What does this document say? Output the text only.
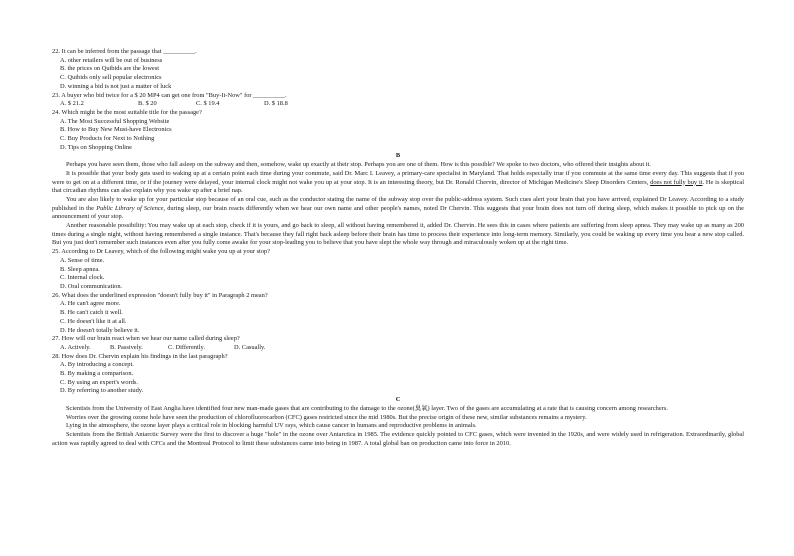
22. It can be inferred from the passage that __________.

A. other retailers will be out of business

B. the prices on Quibids are the lowest

C. Quibids only sell popular electronics

D. winning a bid is not just a matter of luck

23. A buyer who bid twice for a $ 20 MP4 can get one from "Buy-It-Now" for __________.

A. $ 21.2	B. $ 20	C. $ 19.4	D. $ 18.8

24. Which might be the most suitable title for the passage?

A. The Most Successful Shopping Website

B. How to Buy New Must-have Electronics

C. Buy Products for Next to Nothing

D. Tips on Shopping Online

B

Perhaps you have seen them, those who fall asleep on the subway and then, somehow, wake up exactly at their stop. Perhaps you are one of them. How is this possible? We spoke to two doctors, who offered their insights about it.

It is possible that your body gets used to waking up at a certain point each time during your commute, said Dr. Marc I. Leavey, a primary-care specialist in Maryland. That holds especially true if you commute at the same time every day. This suggests that if you were to get on at a different time, or if the journey were delayed, your internal clock might not wake you up at your stop. It is an interesting theory, but Dr. Ronald Chervin, director of Michigan Medicine's Sleep Disorders Centers, does not fully buy it. He is skeptical that circadian rhythms can also explain why you wake up after a brief nap.

You are also likely to wake up for your particular stop because of an oral cue, such as the conductor stating the name of the subway stop over the public-address system. Such cues alert your brain that you have arrived, explained Dr Leavey. According to a study published in the Public Library of Science, during sleep, our brain reacts differently when we hear our own name and other people's names, noted Dr Chervin. This suggests that your brain does not turn off during sleep, which makes it possible to pick up on the announcement of your stop.

Another reasonable possibility: You may wake up at each stop, check if it is yours, and go back to sleep, all without having remembered it, added Dr. Chervin. He sees this in cases where patients are suffering from sleep apnea. They may wake up as many as 200 times during a single night, without having remembered a single instance. That's because they fall right back asleep before their brain has time to process their experience into long-term memory. Similarly, you could be waking up every time you hear a new stop called. But you just don't remember such instances even after you fully come awake for your stop-leading you to believe that you have slept the whole way through and miraculously woken up at the right time.

25. According to Dr Leavey, which of the following might wake you up at your stop?

A. Sense of time.

B. Sleep apnea.

C. Internal clock.

D. Oral communication.

26. What does the underlined expression "doesn't fully buy it" in Paragraph 2 mean?

A. He can't agree more.

B. He can't catch it well.

C. He doesn't like it at all.

D. He doesn't totally believe it.

27. How will our brain react when we hear our name called during sleep?

A. Actively.	B. Passively.	C. Differently.	D. Casually.

28. How does Dr. Chervin explain his findings in the last paragraph?

A. By introducing a concept.

B. By making a comparison.

C. By using an expert's words.

D. By referring to another study.

C

Scientists from the University of East Anglia have identified four new man-made gases that are contributing to the damage to the ozone(臭氧) layer. Two of the gases are accumulating at a rate that is causing concern among researchers.

Worries over the growing ozone hole have seen the production of chlorofluorocarbon (CFC) gases restricted since the mid 1980s. But the precise origin of these new, similar substances remains a mystery.

Lying in the atmosphere, the ozone layer plays a critical role in blocking harmful UV rays, which cause cancer in humans and reproductive problems in animals.

Scientists from the British Antarctic Survey were the first to discover a huge "hole" in the ozone over Antarctica in 1985. The evidence quickly pointed to CFC gases, which were invented in the 1920s, and were widely used in refrigeration. Extraordinarily, global action was rapidly agreed to deal with CFCs and the Montreal Protocol to limit these substances came into being in 1987. A total global ban on production came into force in 2010.
